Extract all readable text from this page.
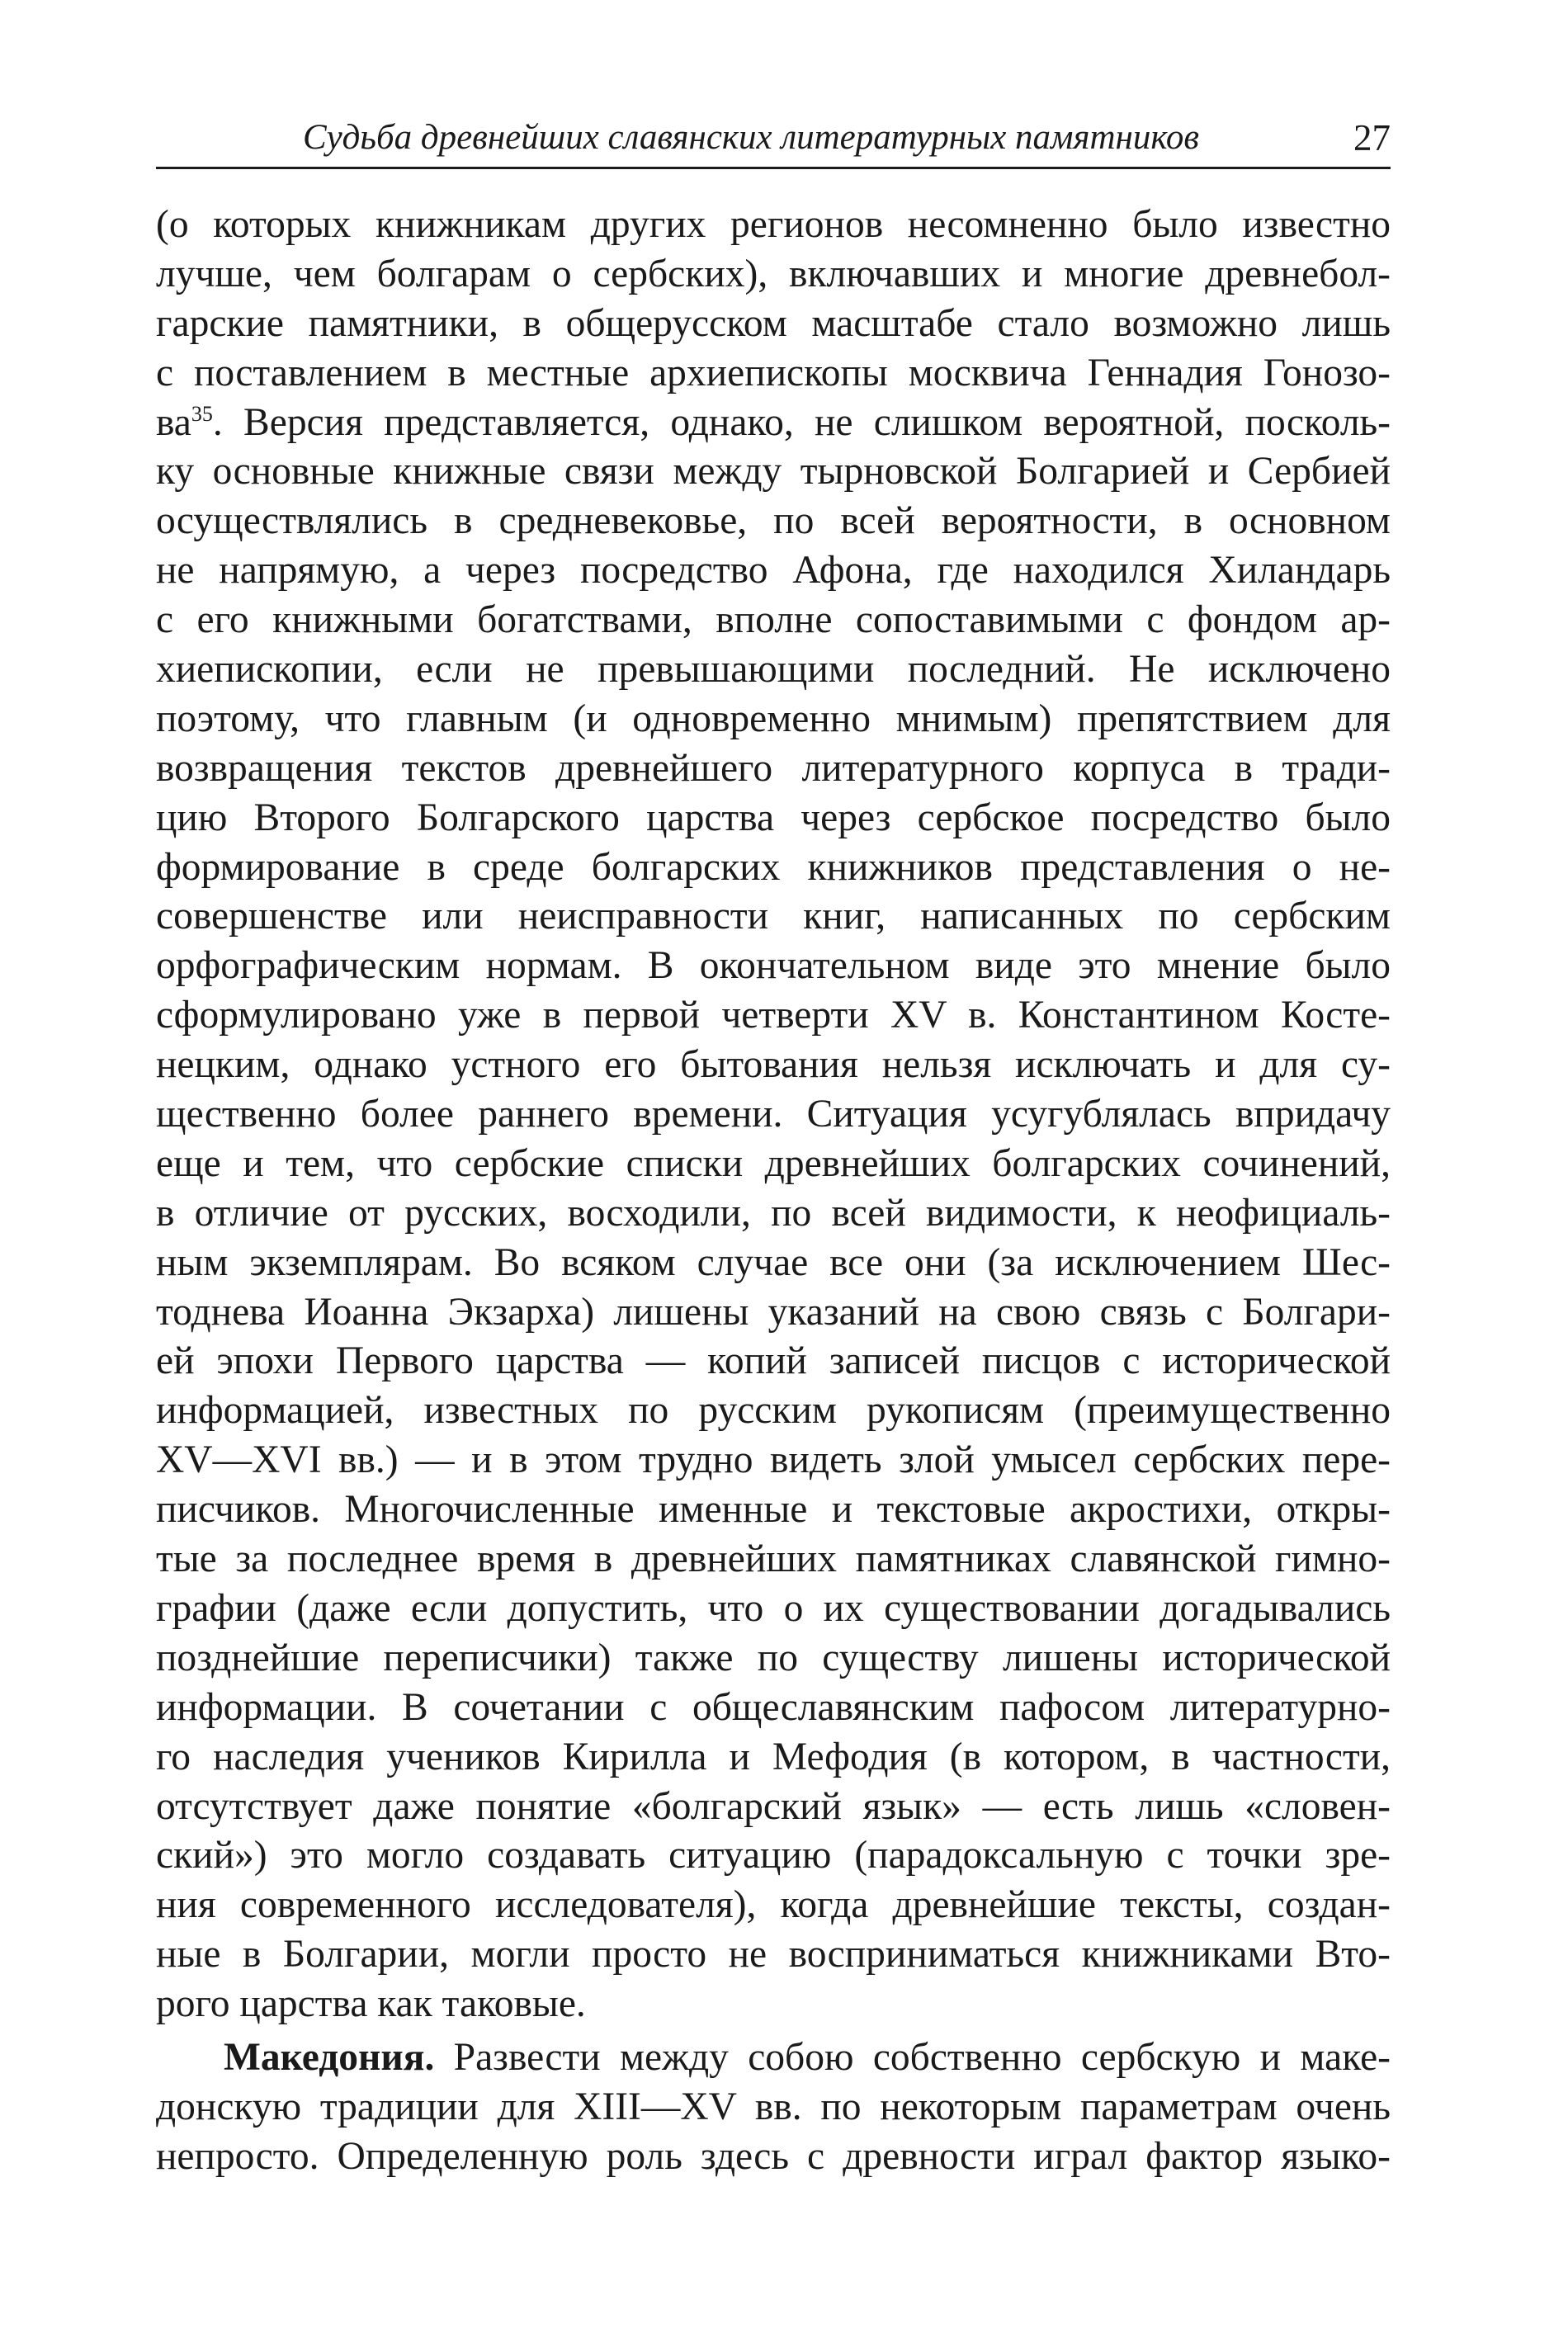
Судьба древнейших славянских литературных памятников	27
(о которых книжникам других регионов несомненно было известно
лучше, чем болгарам о сербских), включавших и многие древнебол-
гарские памятники, в общерусском масштабе стало возможно лишь
с поставлением в местные архиепископы москвича Геннадия Гонозо-
$ва^{35}$. Версия представляется, однако, не слишком вероятной, посколь-
ку основные книжные связи между тырновской Болгарией и Сербией
осуществлялись в средневековье, по всей вероятности, в основном
не напрямую, а через посредство Афона, где находился Хиландарь
с его книжными богатствами, вполне сопоставимыми с фондом ар-
хиепископии, если не превышающими последний. Не исключено
поэтому, что главным (и одновременно мнимым) препятствием для
возвращения текстов древнейшего литературного корпуса в тради-
цию Второго Болгарского царства через сербское посредство было
формирование в среде болгарских книжников представления о не-
совершенстве или неисправности книг, написанных по сербским
орфографическим нормам. В окончательном виде это мнение было
сформулировано уже в первой четверти XV в. Константином Косте-
нецким, однако устного его бытования нельзя исключать и для су-
щественно более раннего времени. Ситуация усугублялась впридачу
еще и тем, что сербские списки древнейших болгарских сочинений,
в отличие от русских, восходили, по всей видимости, к неофициаль-
ным экземплярам. Во всяком случае все они (за исключением Шес-
тоднева Иоанна Экзарха) лишены указаний на свою связь с Болгари-
ей эпохи Первого царства — копий записей писцов с исторической
информацией, известных по русским рукописям (преимущественно
XV—XVI вв.) — и в этом трудно видеть злой умысел сербских пере-
писчиков. Многочисленные именные и текстовые акростихи, откры-
тые за последнее время в древнейших памятниках славянской гимно-
графии (даже если допустить, что о их существовании догадывались
позднейшие переписчики) также по существу лишены исторической
информации. В сочетании с общеславянским пафосом литературно-
го наследия учеников Кирилла и Мефодия (в котором, в частности,
отсутствует даже понятие «болгарский язык» — есть лишь «словен-
ский») это могло создавать ситуацию (парадоксальную с точки зре-
ния современного исследователя), когда древнейшие тексты, создан-
ные в Болгарии, могли просто не восприниматься книжниками Вто-
рого царства как таковые.
Македония. Развести между собою собственно сербскую и маке-
донскую традиции для XIII—XV вв. по некоторым параметрам очень
непросто. Определенную роль здесь с древности играл фактор языко-
